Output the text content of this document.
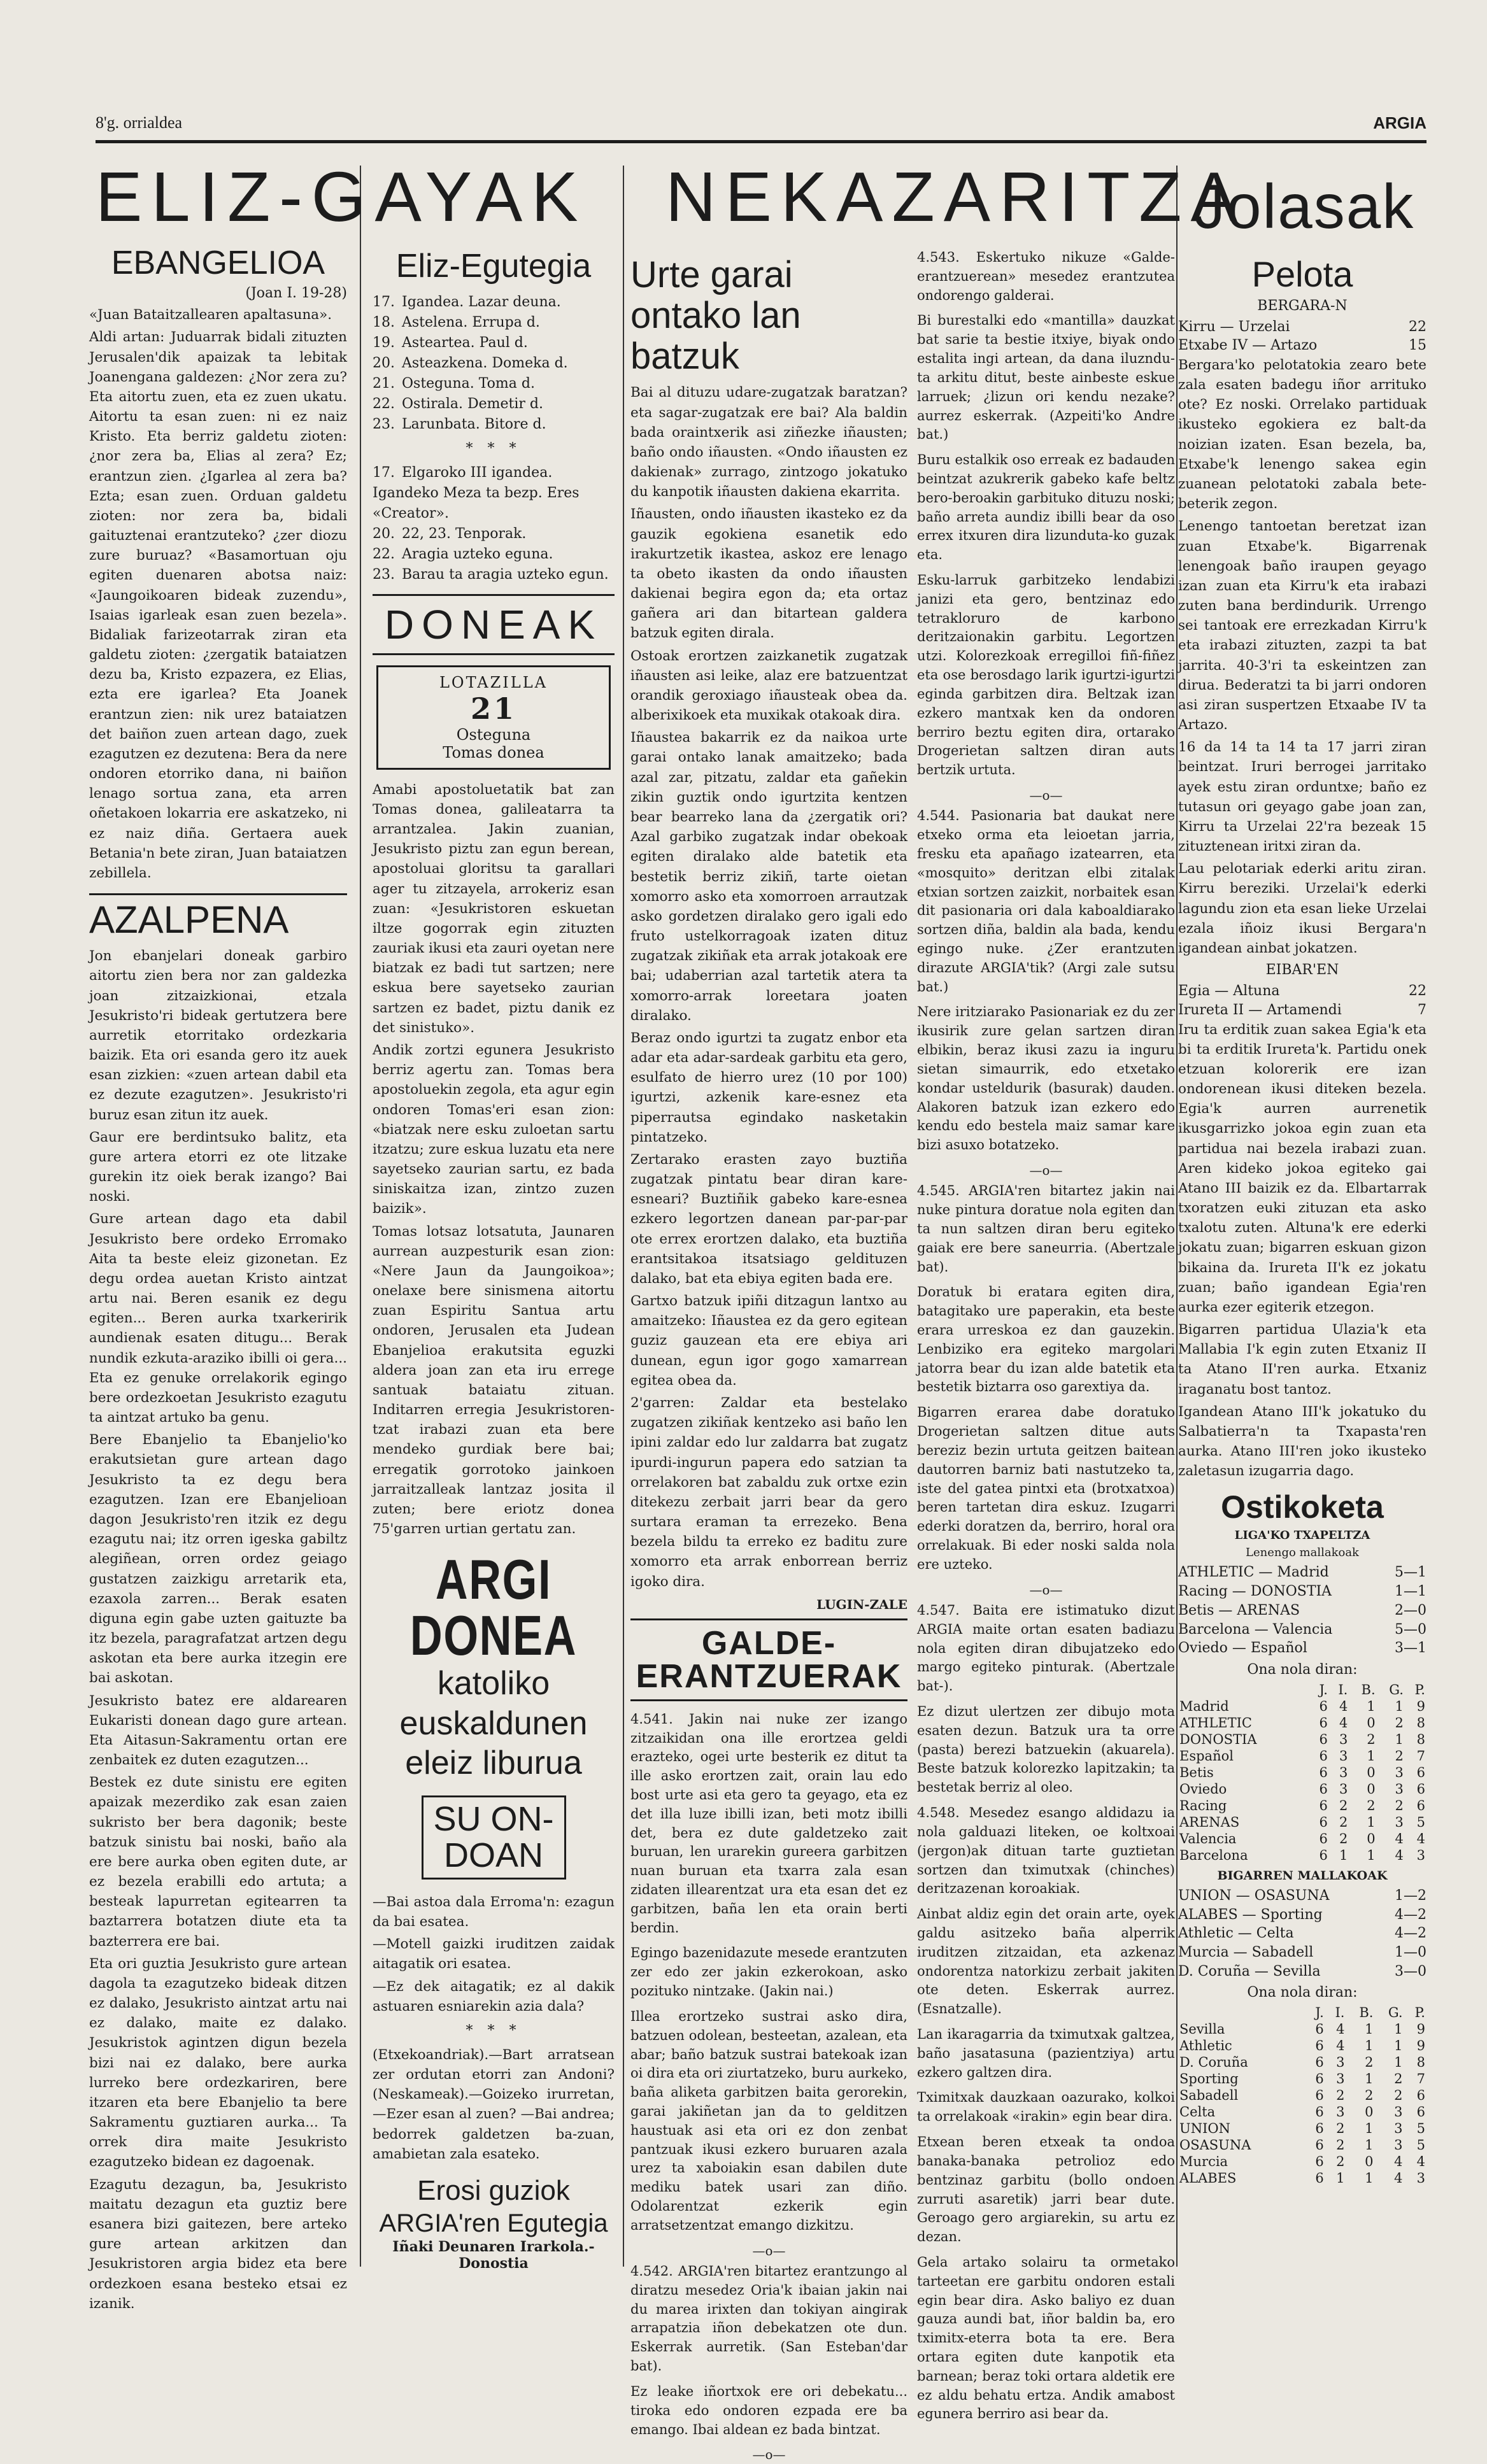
8'g. orrialdea	ARGIA
ELIZ-GAYAK NEKAZARITZA
Jolasak
EBANGELIOA
(Joan I. 19-28)

«Juan Bataitzallearen apaltasuna».

Aldi artan: Juduarrak bidali zituzten Jerusalen'dik apaizak ta lebitak Joanengana galdezen: ¿Nor zera zu? Eta aitortu zuen, eta ez zuen ukatu. Aitortu ta esan zuen: ni ez naiz Kristo. Eta berriz galdetu zioten: ¿nor zera ba, Elias al zera? Ez; erantzun zien. ¿Igarlea al zera ba? Ezta; esan zuen. Orduan galdetu zioten: nor zera ba, bidali gaituztenai erantzuteko? ¿zer diozu zure buruaz? «Basamortuan oju egiten duenaren abotsa naiz: «Jaungoikoaren bideak zuzendu», Isaias igarleak esan zuen bezela». Bidaliak farizeotarrak ziran eta galdetu zioten: ¿zergatik bataiatzen dezu ba, Kristo ezpazera, ez Elias, ezta ere igarlea? Eta Joanek erantzun zien: nik urez bataiatzen det baiñon zuen artean dago, zuek ezagutzen ez dezutena: Bera da nere ondoren etorriko dana, ni baiñon lenago sortua zana, eta arren oñetakoen lokarria ere askatzeko, ni ez naiz diña. Gertaera auek Betania'n bete ziran, Juan bataiatzen zebillela.

AZALPENA

Jon ebanjelari doneak garbiro aitortu zien bera nor zan galdezka joan zitzaizkionai, etzala Jesukristo'ri bideak gertutzera bere aurretik etorritako ordezkaria baizik. Eta ori esanda gero itz auek esan zizkien: «zuen artean dabil eta ez dezute ezagutzen». Jesukristo'ri buruz esan zitun itz auek.

Gaur ere berdintsuko balitz, eta gure artera etorri ez ote litzake gurekin itz oiek berak izango? Bai noski.

Gure artean dago eta dabil Jesukristo bere ordeko Erromako Aita ta beste eleiz gizonetan. Ez degu ordea auetan Kristo aintzat artu nai. Beren esanik ez degu egiten... Beren aurka txarkeririk aundienak esaten ditugu... Berak nundik ezkuta-araziko ibilli oi gera... Eta ez genuke orrelakorik egingo bere ordezkoetan Jesukristo ezagutu ta aintzat artuko ba genu.

Bere Ebanjelio ta Ebanjelio'ko erakutsietan gure artean dago Jesukristo ta ez degu bera ezagutzen. Izan ere Ebanjelioan dagon Jesukristo'ren itzik ez degu ezagutu nai; itz orren igeska gabiltz alegiñean, orren ordez geiago gustatzen zaizkigu arretarik eta, ezaxola zarren... Berak esaten diguna egin gabe uzten gaituzte ba itz bezela, paragrafatzat artzen degu askotan eta bere aurka itzegin ere bai askotan.

Jesukristo batez ere aldarearen Eukaristi donean dago gure artean. Eta Aitasun-Sakramentu ortan ere zenbaitek ez duten ezagutzen...

Bestek ez dute sinistu ere egiten apaizak mezerdiko zak esan zaien sukristo ber bera dagonik; beste batzuk sinistu bai noski, baño ala ere bere aurka oben egiten dute, ar ez bezela erabilli edo artuta; a besteak lapurretan egitearren ta baztarrera botatzen diute eta ta bazterrera ere bai.

Eta ori guztia Jesukristo gure artean dagola ta ezagutzeko bideak ditzen ez dalako, Jesukristo aintzat artu nai ez dalako, maite ez dalako. Jesukristok agintzen digun bezela bizi nai ez dalako, bere aurka lurreko bere ordezkariren, bere itzaren eta bere Ebanjelio ta bere Sakramentu guztiaren aurka... Ta orrek dira maite Jesukristo ezagutzeko bidean ez dagoenak.

Ezagutu dezagun, ba, Jesukristo maitatu dezagun eta guztiz bere esanera bizi gaitezen, bere arteko gure artean arkitzen dan Jesukristoren argia bidez eta bere ordezkoen esana besteko etsai ez izanik.

Eliz-Egutegia
17. Igandea. Lazar deuna.
18. Astelena. Errupa d.
19. Asteartea. Paul d.
20. Asteazkena. Domeka d.
21. Osteguna. Toma d.
22. Ostirala. Demetir d.
23. Larunbata. Bitore d.
* * *
17. Elgaroko III igandea. Igandeko Meza ta bezp. Eres «Creator».
20. 22, 23. Tenporak.
22. Aragia uzteko eguna.
23. Barau ta aragia uzteko egun.
DONEAK
LOTAZILLA
21
Osteguna
Tomas donea

Amabi apostoluetatik bat zan Tomas donea, galileatarra ta arrantzalea. Jakin zuanian, Jesukristo piztu zan egun berean, apostoluai gloritsu ta garallari ager tu zitzayela, arrokeriz esan zuan: «Jesukristoren eskuetan iltze gogorrak egin zituzten zauriak ikusi eta zauri oyetan nere biatzak ez badi tut sartzen; nere eskua bere sayetseko zaurian sartzen ez badet, piztu danik ez det sinistuko».

Andik zortzi egunera Jesukristo berriz agertu zan. Tomas bera apostoluekin zegola, eta agur egin ondoren Tomas'eri esan zion: «biatzak nere esku zuloetan sartu itzatzu; zure eskua luzatu eta nere sayetseko zaurian sartu, ez bada siniskaitza izan, zintzo zuzen baizik».

Tomas lotsaz lotsatuta, Jaunaren aurrean auzpesturik esan zion: «Nere Jaun da Jaungoikoa»; onelaxe bere sinismena aitortu zuan Espiritu Santua artu ondoren, Jerusalen eta Judean Ebanjelioa erakutsita eguzki aldera joan zan eta iru errege santuak bataiatu zituan. Inditarren erregia Jesukristoren-tzat irabazi zuan eta bere mendeko gurdiak bere bai; erregatik gorrotoko jainkoen jarraitzalleak lantzaz josita il zuten; bere eriotz donea 75'garren urtian gertatu zan.

ARGI DONEA
katoliko euskaldunen eleiz liburua
SU ON-
DOAN

—Bai astoa dala Erroma'n: ezagun da bai esatea.

—Motell gaizki iruditzen zaidak aitagatik ori esatea.

—Ez dek aitagatik; ez al dakik astuaren esniarekin azia dala?

* * *
(Etxekoandriak).—Bart arratsean zer ordutan etorri zan Andoni? (Neskameak).—Goizeko irurretan, —Ezer esan al zuen? —Bai andrea; bedorrek galdetzen ba-zuan, amabietan zala esateko.
Erosi guziok
ARGIA'ren Egutegia
Iñaki Deunaren Irarkola.-Donostia
Urte garai ontako lan batzuk

Bai al dituzu udare-zugatzak baratzan? eta sagar-zugatzak ere bai? Ala baldin bada oraintxerik asi ziñezke iñausten; baño ondo iñausten. «Ondo iñausten ez dakienak» zurrago, zintzogo jokatuko du kanpotik iñausten dakiena ekarrita.

Iñausten, ondo iñausten ikasteko ez da gauzik egokiena esanetik edo irakurtzetik ikastea, askoz ere lenago ta obeto ikasten da ondo iñausten dakienai begira egon da; eta ortaz gañera ari dan bitartean galdera batzuk egiten dirala.

Ostoak erortzen zaizkanetik zugatzak iñausten asi leike, alaz ere batzuentzat orandik geroxiago iñausteak obea da. alberixikoek eta muxikak otakoak dira.

Iñaustea bakarrik ez da naikoa urte garai ontako lanak amaitzeko; bada azal zar, pitzatu, zaldar eta gañekin zikin guztik ondo igurtzita kentzen bear bearreko lana da ¿zergatik ori? Azal garbiko zugatzak indar obekoak egiten diralako alde batetik eta bestetik berriz zikiñ, tarte oietan xomorro asko eta xomorroen arrautzak asko gordetzen diralako gero igali edo fruto ustelkorragoak izaten dituz zugatzak zikiñak eta arrak jotakoak ere bai; udaberrian azal tartetik atera ta xomorro-arrak loreetara joaten diralako.

Beraz ondo igurtzi ta zugatz enbor eta adar eta adar-sardeak garbitu eta gero, esulfato de hierro urez (10 por 100) igurtzi, azkenik kare-esnez eta piperrautsa egindako nasketakin pintatzeko.

Zertarako erasten zayo buztiña zugatzak pintatu bear diran kare-esneari? Buztiñik gabeko kare-esnea ezkero legortzen danean par-par-par ote errex erortzen dalako, eta buztiña erantsitakoa itsatsiago geldituzen dalako, bat eta ebiya egiten bada ere.

Gartxo batzuk ipiñi ditzagun lantxo au amaitzeko: Iñaustea ez da gero egitean guziz gauzean eta ere ebiya ari dunean, egun igor gogo xamarrean egitea obea da.

2'garren: Zaldar eta bestelako zugatzen zikiñak kentzeko asi baño len ipini zaldar edo lur zaldarra bat zugatz ipurdi-ingurun papera edo satzian ta orrelakoren bat zabaldu zuk ortxe ezin ditekezu zerbait jarri bear da gero surtara eraman ta errezeko. Bena bezela bildu ta erreko ez baditu zure xomorro eta arrak enborrean berriz igoko dira.

LUGIN-ZALE
GALDE-ERANTZUERAK

4.541. Jakin nai nuke zer izango zitzaikidan ona ille erortzea geldi erazteko, ogei urte besterik ez ditut ta ille asko erortzen zait, orain lau edo bost urte asi eta gero ta geyago, eta ez det illa luze ibilli izan, beti motz ibilli det, bera ez dute galdetzeko zait buruan, len urarekin gureera garbitzen nuan buruan eta txarra zala esan zidaten illearentzat ura eta esan det ez garbitzen, baña len eta orain berti berdin.

Egingo bazenidazute mesede erantzuten zer edo zer jakin ezkerokoan, asko pozituko nintzake. (Jakin nai.)

Illea erortzeko sustrai asko dira, batzuen odolean, besteetan, azalean, eta abar; baño batzuk sustrai batekoak izan oi dira eta ori ziurtatzeko, buru aurkeko, baña aliketa garbitzen baita gerorekin, garai jakiñetan jan da to gelditzen haustuak asi eta ori ez don zenbat pantzuak ikusi ezkero buruaren azala urez ta xaboiakin esan dabilen dute mediku batek usari zan diño. Odolarentzat ezkerik egin arratsetzentzat emango dizkitzu.

—o—

4.542. ARGIA'ren bitartez erantzungo al diratzu mesedez Oria'k ibaian jakin nai du marea irixten dan tokiyan aingirak arrapatzia iñon debekatzen ote dun. Eskerrak aurretik. (San Esteban'dar bat).

Ez leake iñortxok ere ori debekatu... tiroka edo ondoren ezpada ere ba emango. Ibai aldean ez bada bintzat.

—o—

4.543. Eskertuko nikuze «Galde-erantzuerean» mesedez erantzutea ondorengo galderai.

Bi burestalki edo «mantilla» dauzkat bat sarie ta bestie itxiye, biyak ondo estalita ingi artean, da dana iluzndu-ta arkitu ditut, beste ainbeste eskue larruek; ¿lizun ori kendu nezake? aurrez eskerrak. (Azpeiti'ko Andre bat.)

Buru estalkik oso erreak ez badauden beintzat azukrerik gabeko kafe beltz bero-beroakin garbituko dituzu noski; baño arreta aundiz ibilli bear da oso errex itxuren dira lizunduta-ko guzak eta.

Esku-larruk garbitzeko lendabizi janizi eta gero, bentzinaz edo tetrakloruro de karbono deritzaionakin garbitu. Legortzen utzi. Kolorezkoak erregilloi fiñ-fiñez eta ose berosdago larik igurtzi-igurtzi eginda garbitzen dira. Beltzak izan ezkero mantxak ken da ondoren berriro beztu egiten dira, ortarako Drogerietan saltzen diran auts bertzik urtuta.

—o—

4.544. Pasionaria bat daukat nere etxeko orma eta leioetan jarria, fresku eta apañago izatearren, eta «mosquito» deritzan elbi zitalak etxian sortzen zaizkit, norbaitek esan dit pasionaria ori dala kaboaldiarako sortzen diña, baldin ala bada, kendu egingo nuke. ¿Zer erantzuten dirazute ARGIA'tik? (Argi zale sutsu bat.)

Nere iritziarako Pasionariak ez du zer ikusirik zure gelan sartzen diran elbikin, beraz ikusi zazu ia inguru sietan simaurrik, edo etxetako kondar usteldurik (basurak) dauden. Alakoren batzuk izan ezkero edo kendu edo bestela maiz samar kare bizi asuxo botatzeko.

—o—

4.545. ARGIA'ren bitartez jakin nai nuke pintura doratue nola egiten dan ta nun saltzen diran beru egiteko gaiak ere bere saneurria. (Abertzale bat).

Doratuk bi eratara egiten dira, batagitako ure paperakin, eta beste erara urreskoa ez dan gauzekin. Lenbiziko era egiteko margolari jatorra bear du izan alde batetik eta bestetik biztarra oso garextiya da.

Bigarren erarea dabe doratuko Drogerietan saltzen ditue auts bereziz bezin urtuta geitzen baitean dautorren barniz bati nastutzeko ta, iste del gatea pintxi eta (brotxatxoa) beren tartetan dira eskuz. Izugarri ederki doratzen da, berriro, horal ora orrelakuak. Bi eder noski salda nola ere uzteko.

—o—

4.547. Baita ere istimatuko dizut ARGIA maite ortan esaten badiazu nola egiten diran dibujatzeko edo margo egiteko pinturak. (Abertzale bat-).

Ez dizut ulertzen zer dibujo mota esaten dezun. Batzuk ura ta orre (pasta) berezi batzuekin (akuarela). Beste batzuk kolorezko lapitzakin; ta bestetak berriz al oleo.

4.548. Mesedez esango aldidazu ia nola galduazi liteken, oe koltxoai (jergon)ak dituan tarte guztietan sortzen dan tximutxak (chinches) deritzazenan koroakiak.

Ainbat aldiz egin det orain arte, oyek galdu asitzeko baña alperrik iruditzen zitzaidan, eta azkenaz ondorentza natorkizu zerbait jakiten ote deten. Eskerrak aurrez. (Esnatzalle).

Lan ikaragarria da tximutxak galtzea, baño jasatasuna (pazientziya) artu ezkero galtzen dira.

Tximitxak dauzkaan oazurako, kolkoi ta orrelakoak «irakin» egin bear dira.

Etxean beren etxeak ta ondoa banaka-banaka petrolioz edo bentzinaz garbitu (bollo ondoen zurruti asaretik) jarri bear dute. Geroago gero argiarekin, su artu ez dezan.

Gela artako solairu ta ormetako tarteetan ere garbitu ondoren estali egin bear dira. Asko baliyo ez duan gauza aundi bat, iñor baldin ba, ero tximitx-eterra bota ta ere. Bera ortara egiten dute kanpotik eta barnean; beraz toki ortara aldetik ere ez aldu behatu ertza. Andik amabost egunera berriro asi bear da.

Pelota
BERGARA-N
Kirru — Urzelai	22
Etxabe IV — Artazo	15

Bergara'ko pelotatokia zearo bete zala esaten badegu iñor arrituko ote? Ez noski. Orrelako partiduak ikusteko egokiera ez balt-da noizian izaten. Esan bezela, ba, Etxabe'k lenengo sakea egin zuanean pelotatoki zabala bete-beterik zegon.

Lenengo tantoetan beretzat izan zuan Etxabe'k. Bigarrenak lenengoak baño iraupen geyago izan zuan eta Kirru'k eta irabazi zuten bana berdindurik. Urrengo sei tantoak ere errezkadan Kirru'k eta irabazi zituzten, zazpi ta bat jarrita. 40-3'ri ta eskeintzen zan dirua. Bederatzi ta bi jarri ondoren asi ziran suspertzen Etxaabe IV ta Artazo.

16 da 14 ta 14 ta 17 jarri ziran beintzat. Iruri berrogei jarritako ayek estu ziran orduntxe; baño ez tutasun ori geyago gabe joan zan, Kirru ta Urzelai 22'ra bezeak 15 zituztenean iritxi ziran da.

Lau pelotariak ederki aritu ziran. Kirru bereziki. Urzelai'k ederki lagundu zion eta esan lieke Urzelai ezala iñoiz ikusi Bergara'n igandean ainbat jokatzen.

EIBAR'EN
Egia — Altuna	22
Irureta II — Artamendi	7

Iru ta erditik zuan sakea Egia'k eta bi ta erditik Irureta'k. Partidu onek etzuan kolorerik ere izan ondorenean ikusi diteken bezela. Egia'k aurren aurrenetik ikusgarrizko jokoa egin zuan eta partidua nai bezela irabazi zuan. Aren kideko jokoa egiteko gai Atano III baizik ez da. Elbartarrak txoratzen euki zituzan eta asko txalotu zuten. Altuna'k ere ederki jokatu zuan; bigarren eskuan gizon bikaina da. Irureta II'k ez jokatu zuan; baño igandean Egia'ren aurka ezer egiterik etzegon.

Bigarren partidua Ulazia'k eta Mallabia I'k egin zuten Etxaniz II ta Atano II'ren aurka. Etxaniz iraganatu bost tantoz.

Igandean Atano III'k jokatuko du Salbatierra'n ta Txapasta'ren aurka. Atano III'ren joko ikusteko zaletasun izugarria dago.

Ostikoketa
LIGA'KO TXAPELTZA
Lenengo mallakoak
ATHLETIC — Madrid	5—1
Racing — DONOSTIA	1—1
Betis — ARENAS	2—0
Barcelona — Valencia	5—0
Oviedo — Español	3—1
Ona nola diran:
	J.	I.	B.	G.	P.
Madrid	6	4	1	1	9
ATHLETIC	6	4	0	2	8
DONOSTIA	6	3	2	1	8
Español	6	3	1	2	7
Betis	6	3	0	3	6
Oviedo	6	3	0	3	6
Racing	6	2	2	2	6
ARENAS	6	2	1	3	5
Valencia	6	2	0	4	4
Barcelona	6	1	1	4	3
BIGARREN MALLAKOAK
UNION — OSASUNA	1—2
ALABES — Sporting	4—2
Athletic — Celta	4—2
Murcia — Sabadell	1—0
D. Coruña — Sevilla	3—0
Ona nola diran:
	J.	I.	B.	G.	P.
Sevilla	6	4	1	1	9
Athletic	6	4	1	1	9
D. Coruña	6	3	2	1	8
Sporting	6	3	1	2	7
Sabadell	6	2	2	2	6
Celta	6	3	0	3	6
UNION	6	2	1	3	5
OSASUNA	6	2	1	3	5
Murcia	6	2	0	4	4
ALABES	6	1	1	4	3
